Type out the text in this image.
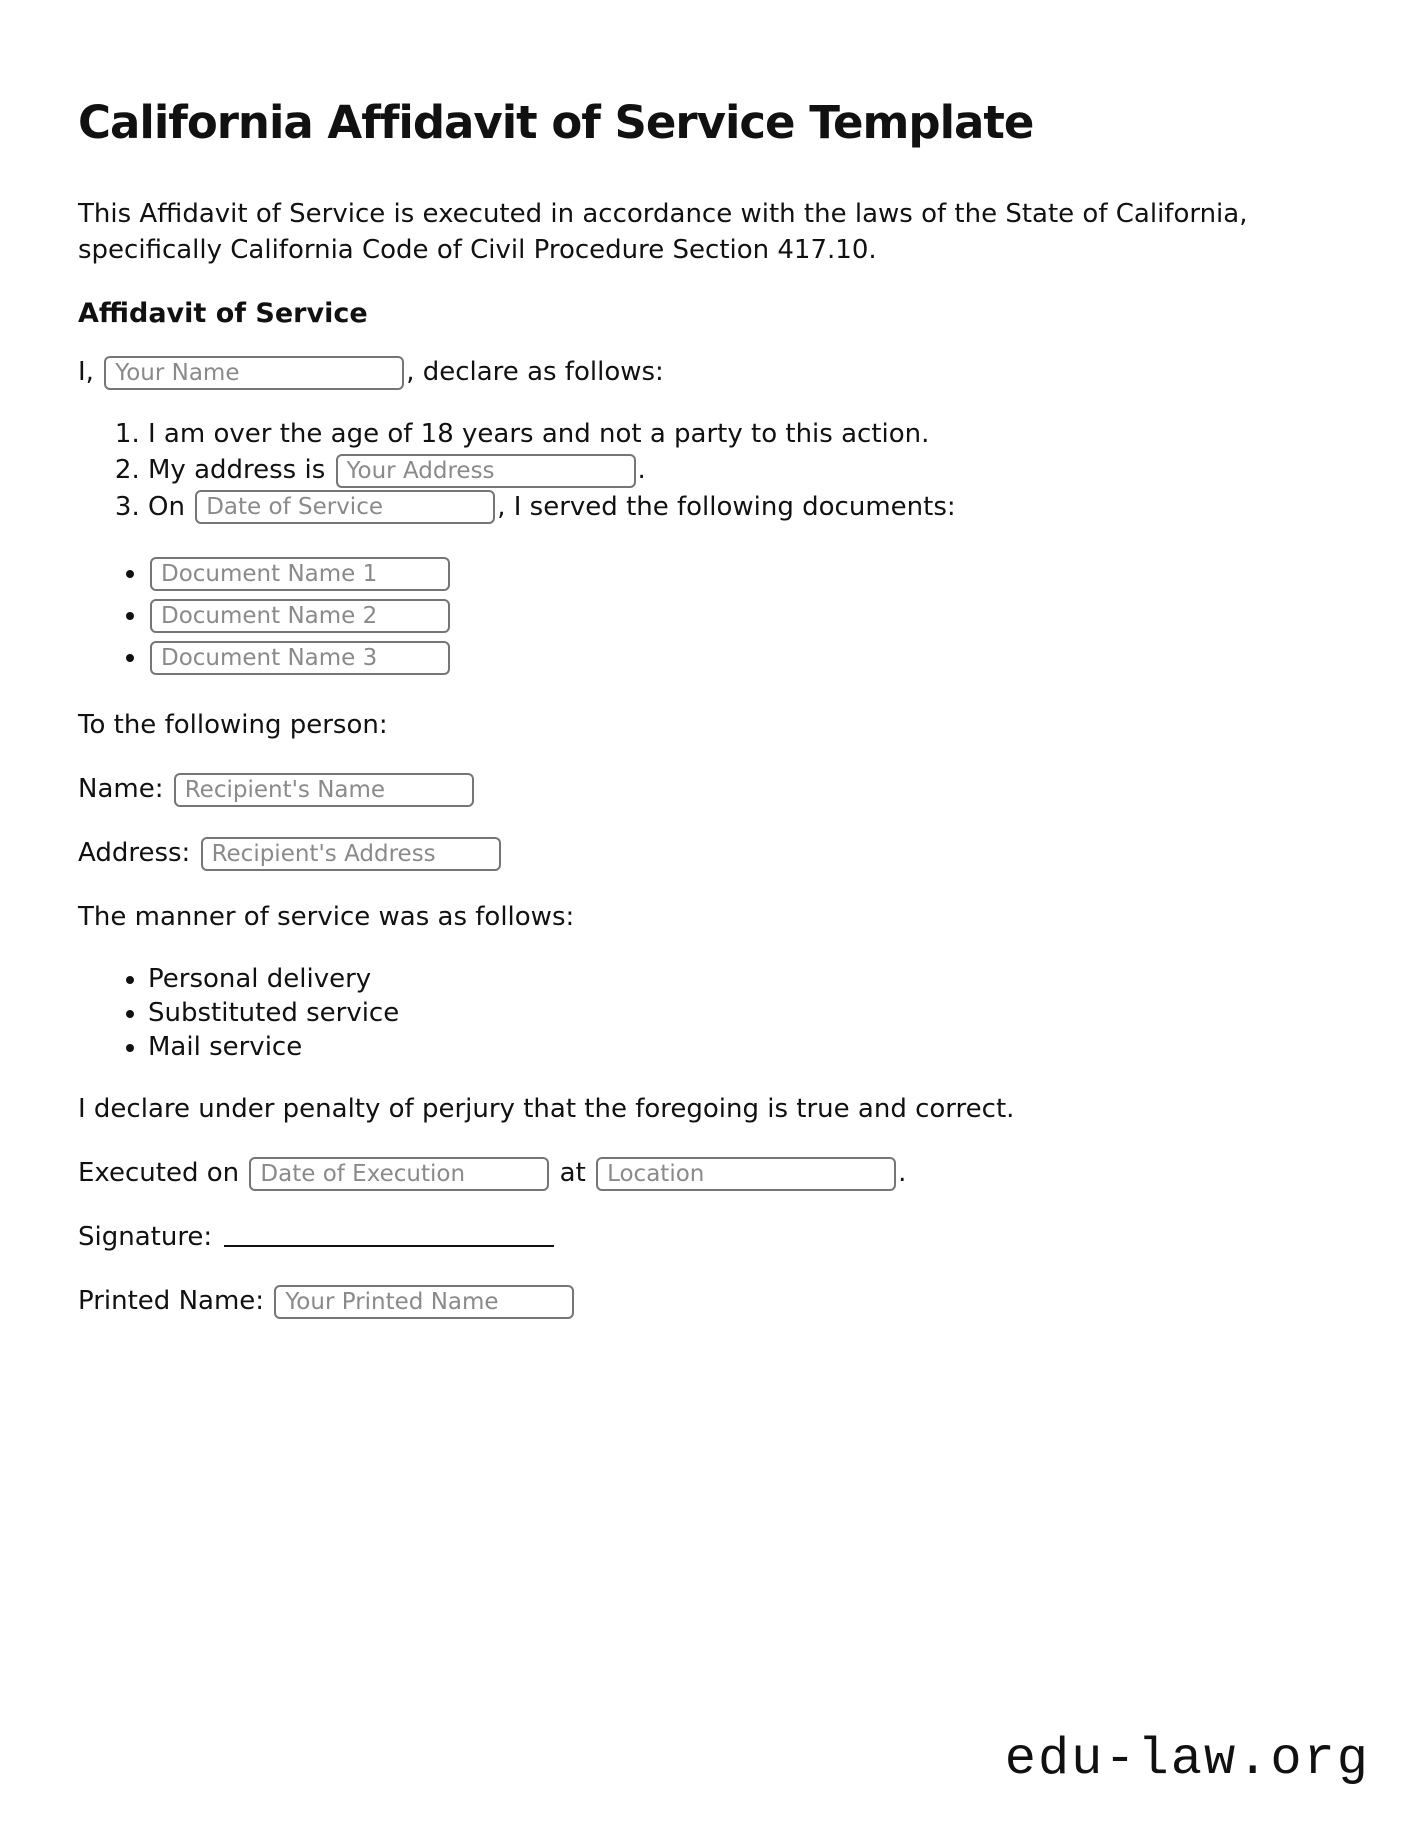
California Affidavit of Service Template

This Affidavit of Service is executed in accordance with the laws of the State of California,
specifically California Code of Civil Procedure Section 417.10.

Affidavit of Service

I, Your Name	, declare as follows:

1. I am over the age of 18 years and not a party to this action.
2. My address is Your Address	.
3. On Date of Service	, I served the following documents:
• Document Name 1
• Document Name 2
• Document Name 3

To the following person:

Name: Recipient's Name

Address: Recipient's Address

The manner of service was as follows:

• Personal delivery
• Substituted service
• Mail service

I declare under penalty of perjury that the foregoing is true and correct.

Executed on Date of Execution	at Location	.

Signature:

Printed Name: Your Printed Name

edu-law.org
